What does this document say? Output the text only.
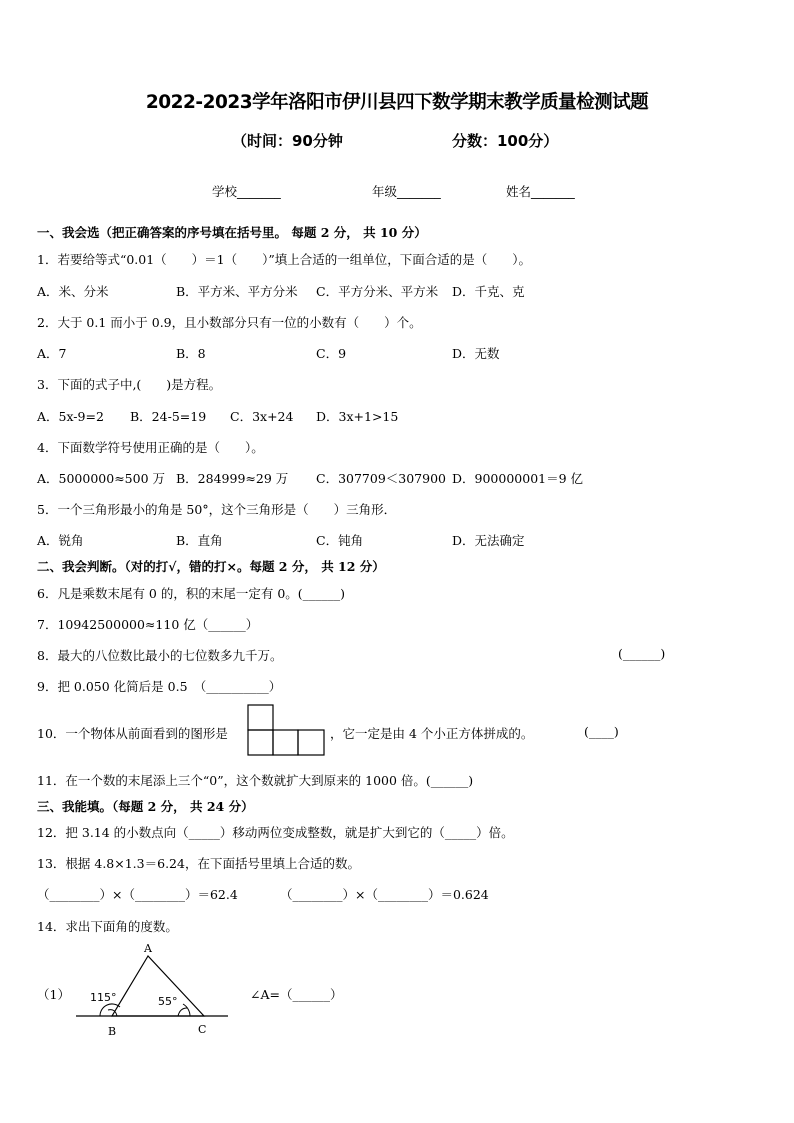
2022-2023学年洛阳市伊川县四下数学期末教学质量检测试题
（时间：90分钟	分数：100分）
学校_______	年级_______	姓名_______
一、我会选（把正确答案的序号填在括号里。 每题 2 分， 共 10 分）
1．若要给等式“0.01（　　）＝1（　　）”填上合适的一组单位，下面合适的是（　　）。
A．米、分米	B．平方米、平方分米 C．平方分米、平方米 D．千克、克
2．大于 0.1 而小于 0.9，且小数部分只有一位的小数有（　　）个。
A．7	B．8	C．9	D．无数
3．下面的式子中,(　　)是方程。
A．5x-9=2 B．24-5=19 C．3x+24 D．3x+1>15
4．下面数学符号使用正确的是（　　）。
A．5000000≈500 万 B．284999≈29 万 C．307709＜307900 D．900000001＝9 亿
5．一个三角形最小的角是 50°，这个三角形是（　　）三角形．
A．锐角	B．直角	C．钝角	D．无法确定
二、我会判断。（对的打√，错的打×。每题 2 分， 共 12 分）
6．凡是乘数末尾有 0 的，积的末尾一定有 0。(______)
7．10942500000≈110 亿（______）
8．最大的八位数比最小的七位数多九千万。	(______)
9．把 0.050 化简后是 0.5　（__________）
10．一个物体从前面看到的图形是	，它一定是由 4 个小正方体拼成的。	(____)
11．在一个数的末尾添上三个“0”，这个数就扩大到原来的 1000 倍。(______)
三、我能填。（每题 2 分， 共 24 分）
12．把 3.14 的小数点向（_____）移动两位变成整数，就是扩大到它的（_____）倍。
13．根据 4.8×1.3＝6.24，在下面括号里填上合适的数。
（________）×（________）＝62.4	（________）×（________）＝0.624
14．求出下面角的度数。
（1）
A
B	C
115°	55°	∠A=（______）
